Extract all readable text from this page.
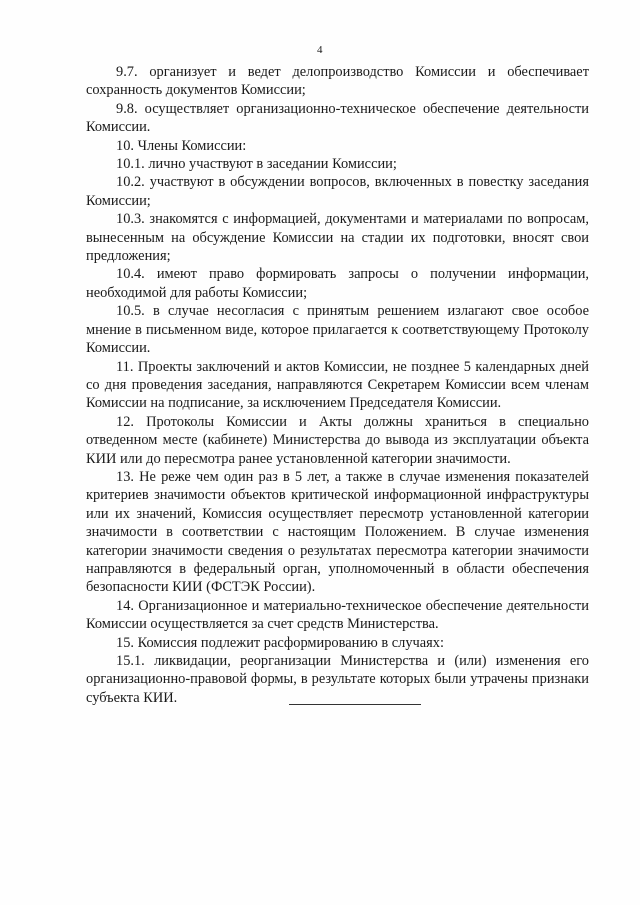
4

9.7. организует и ведет делопроизводство Комиссии и обеспечивает сохранность документов Комиссии;

9.8. осуществляет организационно-техническое обеспечение деятельности Комиссии.

10. Члены Комиссии:

10.1. лично участвуют в заседании Комиссии;

10.2. участвуют в обсуждении вопросов, включенных в повестку заседания Комиссии;

10.3. знакомятся с информацией, документами и материалами по вопросам, вынесенным на обсуждение Комиссии на стадии их подготовки, вносят свои предложения;

10.4. имеют право формировать запросы о получении информации, необходимой для работы Комиссии;

10.5. в случае несогласия с принятым решением излагают свое особое мнение в письменном виде, которое прилагается к соответствующему Протоколу Комиссии.

11. Проекты заключений и актов Комиссии, не позднее 5 календарных дней со дня проведения заседания, направляются Секретарем Комиссии всем членам Комиссии на подписание, за исключением Председателя Комиссии.

12. Протоколы Комиссии и Акты должны храниться в специально отведенном месте (кабинете) Министерства до вывода из эксплуатации объекта КИИ или до пересмотра ранее установленной категории значимости.

13. Не реже чем один раз в 5 лет, а также в случае изменения показателей критериев значимости объектов критической информационной инфраструктуры или их значений, Комиссия осуществляет пересмотр установленной категории значимости в соответствии с настоящим Положением. В случае изменения категории значимости сведения о результатах пересмотра категории значимости направляются в федеральный орган, уполномоченный в области обеспечения безопасности КИИ (ФСТЭК России).

14. Организационное и материально-техническое обеспечение деятельности Комиссии осуществляется за счет средств Министерства.

15. Комиссия подлежит расформированию в случаях:

15.1. ликвидации, реорганизации Министерства и (или) изменения его организационно-правовой формы, в результате которых были утрачены признаки субъекта КИИ.
